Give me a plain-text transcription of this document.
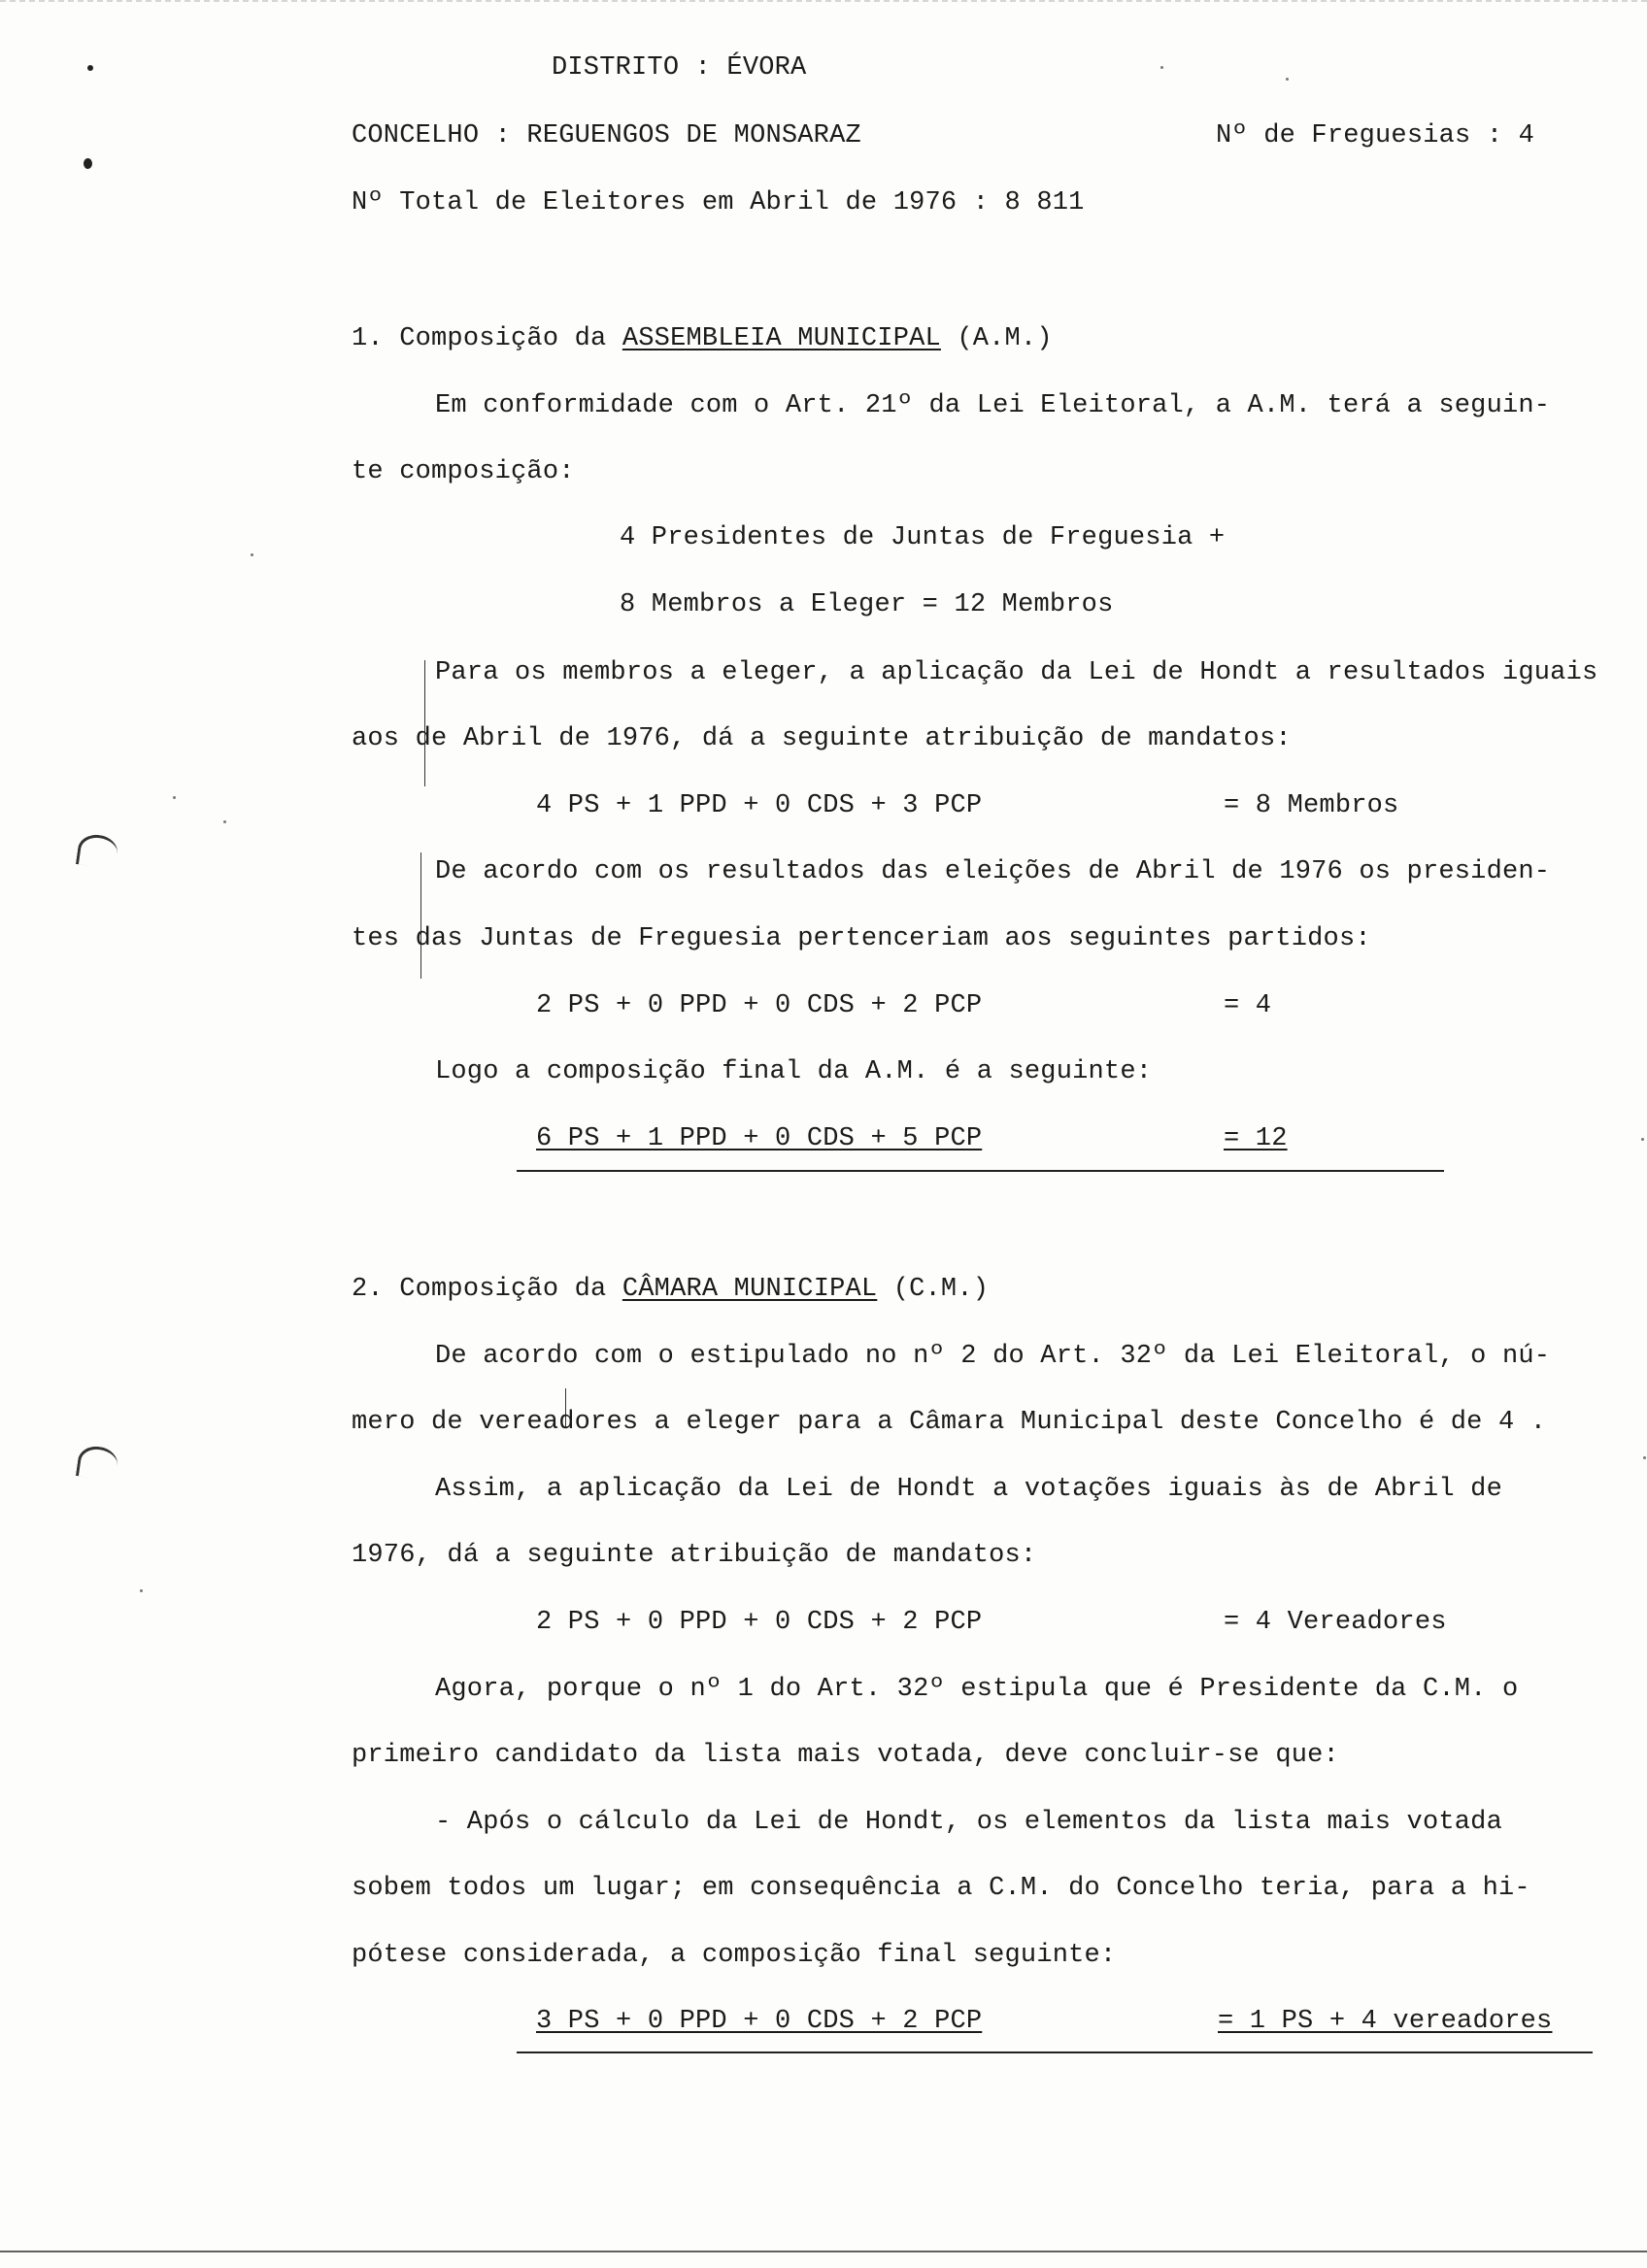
DISTRITO : ÉVORA
CONCELHO : REGUENGOS DE MONSARAZ	Nº de Freguesias : 4
Nº Total de Eleitores em Abril de 1976 : 8 811
1. Composição da ASSEMBLEIA MUNICIPAL (A.M.)
Em conformidade com o Art. 21º da Lei Eleitoral, a A.M. terá a seguin-
te composição:
4 Presidentes de Juntas de Freguesia +
8 Membros a Eleger = 12 Membros
Para os membros a eleger, a aplicação da Lei de Hondt a resultados iguais
aos de Abril de 1976, dá a seguinte atribuição de mandatos:
4 PS + 1 PPD + 0 CDS + 3 PCP	= 8 Membros
De acordo com os resultados das eleições de Abril de 1976 os presiden-
tes das Juntas de Freguesia pertenceriam aos seguintes partidos:
2 PS + 0 PPD + 0 CDS + 2 PCP	= 4
Logo a composição final da A.M. é a seguinte:
6 PS + 1 PPD + 0 CDS + 5 PCP	= 12
2. Composição da CÂMARA MUNICIPAL (C.M.)
De acordo com o estipulado no nº 2 do Art. 32º da Lei Eleitoral, o nú-
mero de vereadores a eleger para a Câmara Municipal deste Concelho é de 4 .
Assim, a aplicação da Lei de Hondt a votações iguais às de Abril de
1976, dá a seguinte atribuição de mandatos:
2 PS + 0 PPD + 0 CDS + 2 PCP	= 4 Vereadores
Agora, porque o nº 1 do Art. 32º estipula que é Presidente da C.M. o
primeiro candidato da lista mais votada, deve concluir-se que:
- Após o cálculo da Lei de Hondt, os elementos da lista mais votada
sobem todos um lugar; em consequência a C.M. do Concelho teria, para a hi-
pótese considerada, a composição final seguinte:
3 PS + 0 PPD + 0 CDS + 2 PCP	= 1 PS + 4 vereadores
